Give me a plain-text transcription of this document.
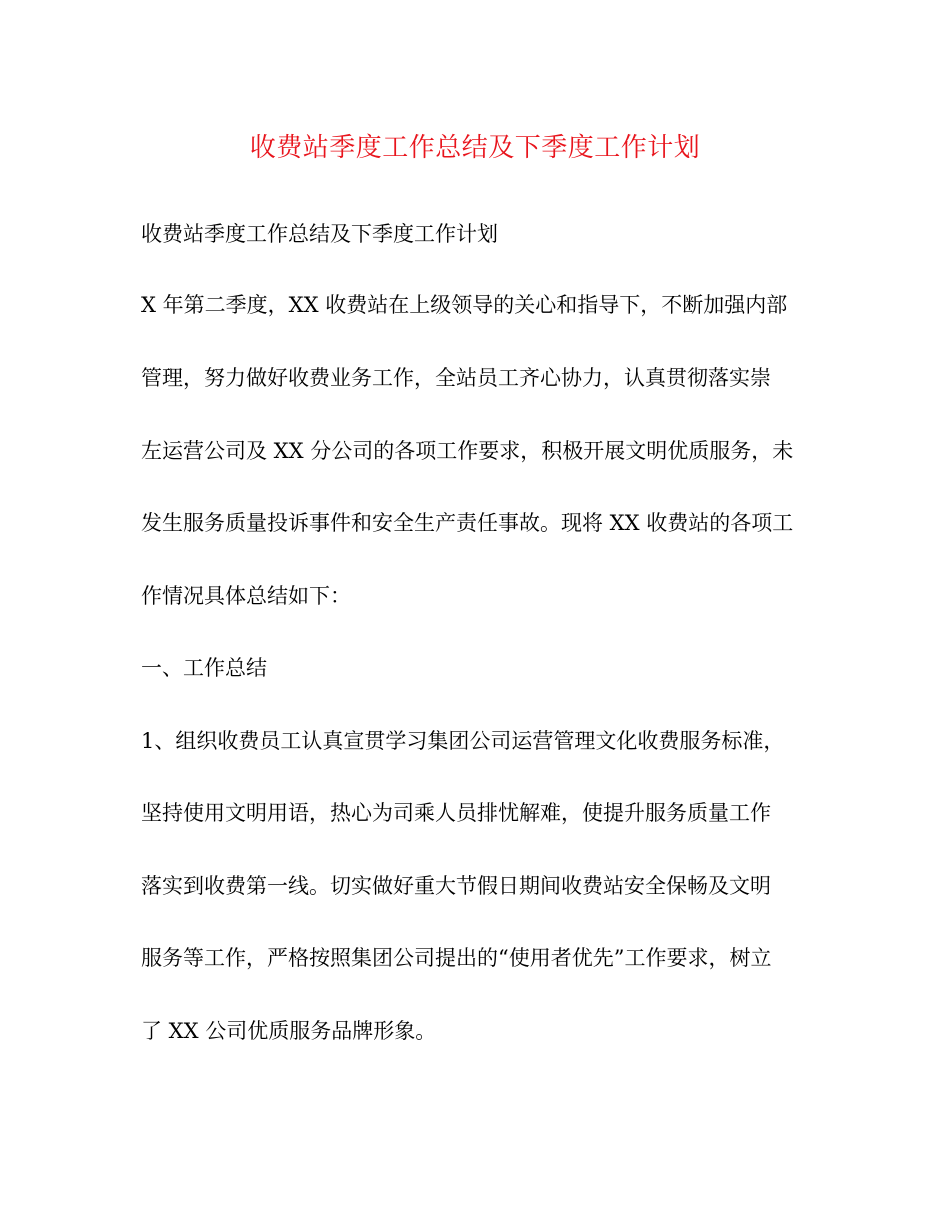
收费站季度工作总结及下季度工作计划

收费站季度工作总结及下季度工作计划

X 年第二季度，XX 收费站在上级领导的关心和指导下，不断加强内部

管理，努力做好收费业务工作，全站员工齐心协力，认真贯彻落实崇

左运营公司及 XX 分公司的各项工作要求，积极开展文明优质服务，未

发生服务质量投诉事件和安全生产责任事故。现将 XX 收费站的各项工

作情况具体总结如下：

一、工作总结

1、组织收费员工认真宣贯学习集团公司运营管理文化收费服务标准，

坚持使用文明用语，热心为司乘人员排忧解难，使提升服务质量工作

落实到收费第一线。切实做好重大节假日期间收费站安全保畅及文明

服务等工作，严格按照集团公司提出的“使用者优先”工作要求，树立

了 XX 公司优质服务品牌形象。
